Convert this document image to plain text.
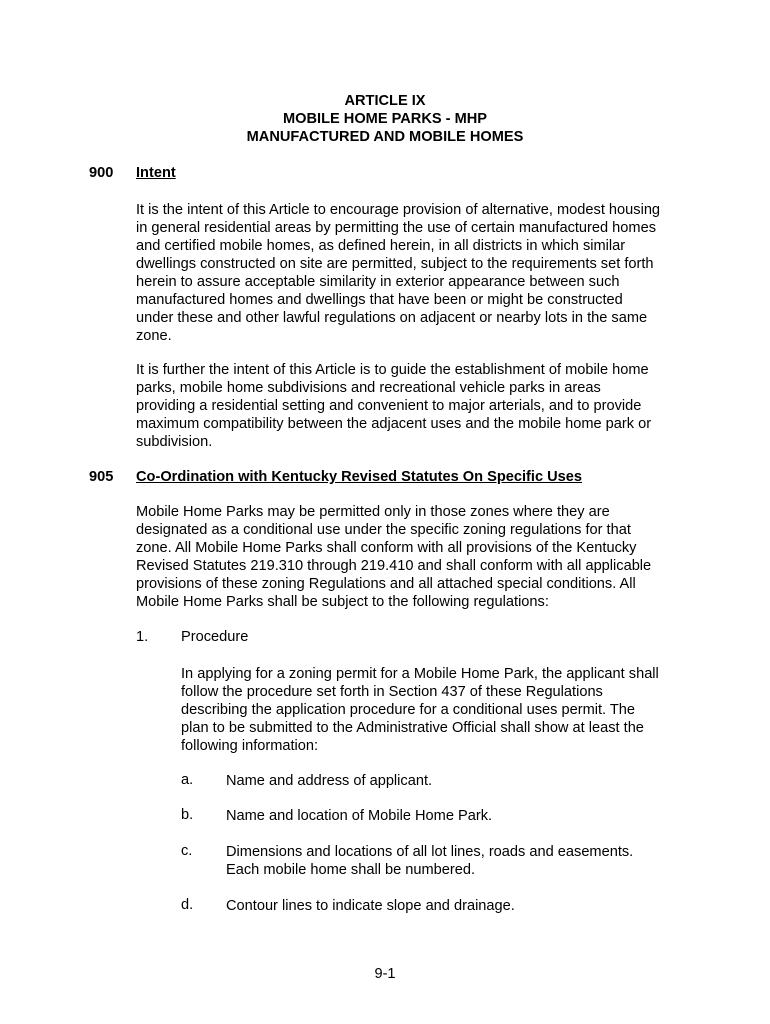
ARTICLE IX
MOBILE HOME PARKS - MHP
MANUFACTURED AND MOBILE HOMES
900 Intent
It is the intent of this Article to encourage provision of alternative, modest housing
in general residential areas by permitting the use of certain manufactured homes
and certified mobile homes, as defined herein, in all districts in which similar
dwellings constructed on site are permitted, subject to the requirements set forth
herein to assure acceptable similarity in exterior appearance between such
manufactured homes and dwellings that have been or might be constructed
under these and other lawful regulations on adjacent or nearby lots in the same
zone.
It is further the intent of this Article is to guide the establishment of mobile home
parks, mobile home subdivisions and recreational vehicle parks in areas
providing a residential setting and convenient to major arterials, and to provide
maximum compatibility between the adjacent uses and the mobile home park or
subdivision.
905 Co-Ordination with Kentucky Revised Statutes On Specific Uses
Mobile Home Parks may be permitted only in those zones where they are
designated as a conditional use under the specific zoning regulations for that
zone. All Mobile Home Parks shall conform with all provisions of the Kentucky
Revised Statutes 219.310 through 219.410 and shall conform with all applicable
provisions of these zoning Regulations and all attached special conditions. All
Mobile Home Parks shall be subject to the following regulations:
1. Procedure
In applying for a zoning permit for a Mobile Home Park, the applicant shall
follow the procedure set forth in Section 437 of these Regulations
describing the application procedure for a conditional uses permit. The
plan to be submitted to the Administrative Official shall show at least the
following information:
a. Name and address of applicant.
b. Name and location of Mobile Home Park.
c. Dimensions and locations of all lot lines, roads and easements.
Each mobile home shall be numbered.
d. Contour lines to indicate slope and drainage.
9-1
